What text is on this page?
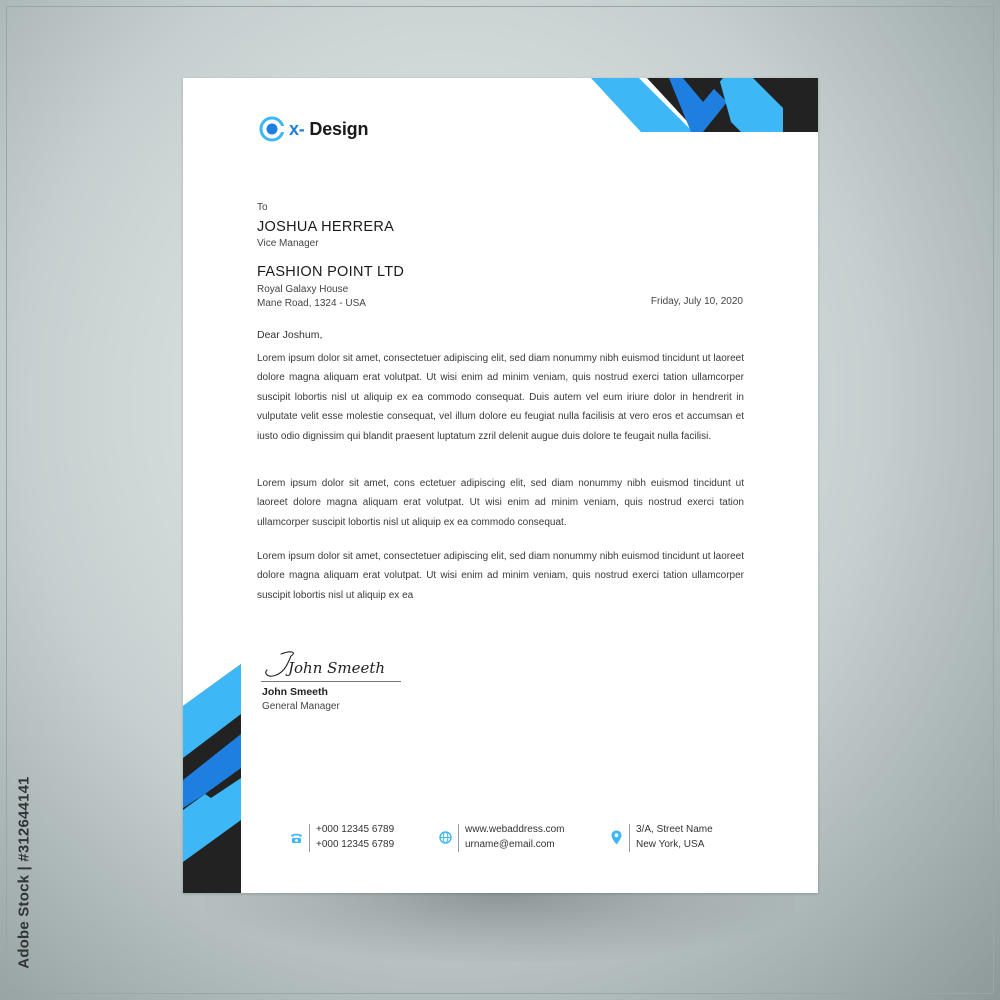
x- Design
To
JOSHUA HERRERA
Vice Manager
FASHION POINT LTD
Royal Galaxy House
Mane Road, 1324 - USA	Friday, July 10, 2020
Dear Joshum,

Lorem ipsum dolor sit amet, consectetuer adipiscing elit, sed diam nonummy nibh euismod tincidunt ut laoreet dolore magna aliquam erat volutpat. Ut wisi enim ad minim veniam, quis nostrud exerci tation ullamcorper suscipit lobortis nisl ut aliquip ex ea commodo consequat. Duis autem vel eum iriure dolor in hendrerit in vulputate velit esse molestie consequat, vel illum dolore eu feugiat nulla facilisis at vero eros et accumsan et iusto odio dignissim qui blandit praesent luptatum zzril delenit augue duis dolore te feugait nulla facilisi.

Lorem ipsum dolor sit amet, cons ectetuer adipiscing elit, sed diam nonummy nibh euismod tincidunt ut laoreet dolore magna aliquam erat volutpat. Ut wisi enim ad minim veniam, quis nostrud exerci tation ullamcorper suscipit lobortis nisl ut aliquip ex ea commodo consequat.

Lorem ipsum dolor sit amet, consectetuer adipiscing elit, sed diam nonummy nibh euismod tincidunt ut laoreet dolore magna aliquam erat volutpat. Ut wisi enim ad minim veniam, quis nostrud exerci tation ullamcorper suscipit lobortis nisl ut aliquip ex ea

John Smeeth
John Smeeth
General Manager
+000 12345 6789
+000 12345 6789
www.webaddress.com
urname@email.com
3/A, Street Name
New York, USA
Adobe Stock | #312644141
